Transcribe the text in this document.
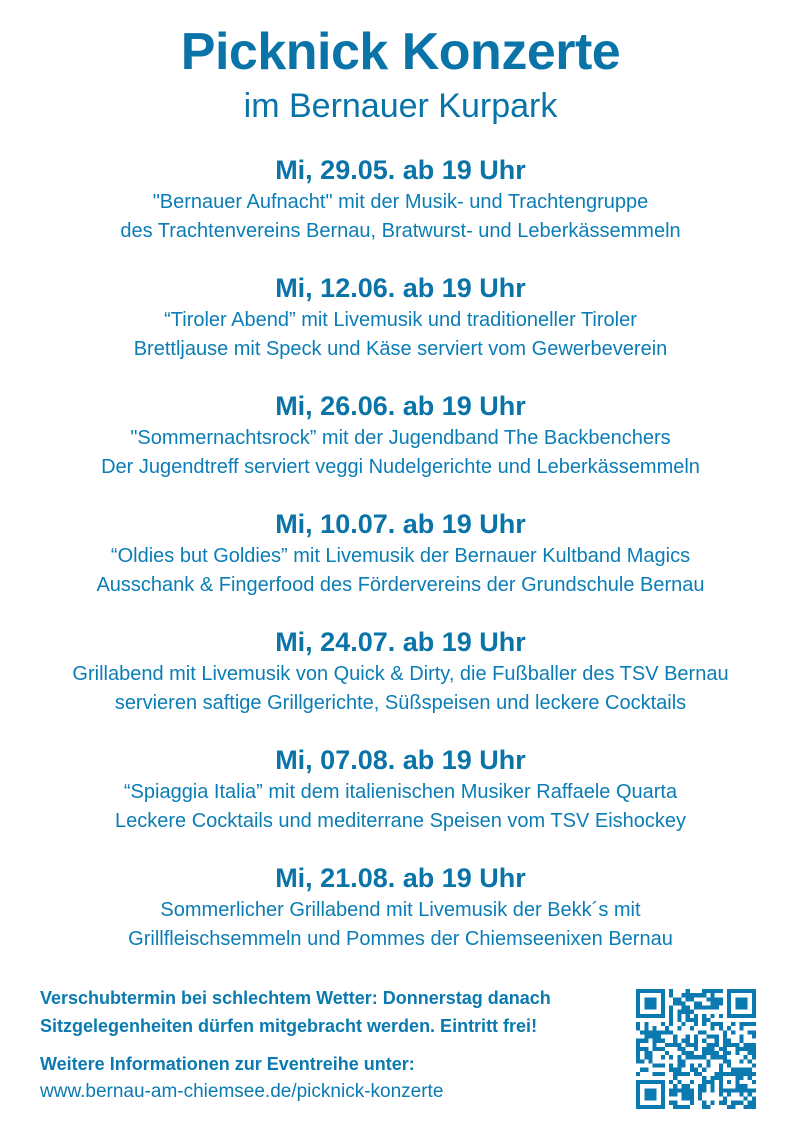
Picknick Konzerte
im Bernauer Kurpark
Mi, 29.05. ab 19 Uhr
"Bernauer Aufnacht" mit der Musik- und Trachtengruppe
des Trachtenvereins Bernau, Bratwurst- und Leberkässemmeln
Mi, 12.06. ab 19 Uhr
“Tiroler Abend” mit Livemusik und traditioneller Tiroler
Brettljause mit Speck und Käse serviert vom Gewerbeverein
Mi, 26.06. ab 19 Uhr
"Sommernachtsrock” mit der Jugendband The Backbenchers
Der Jugendtreff serviert veggi Nudelgerichte und Leberkässemmeln
Mi, 10.07. ab 19 Uhr
“Oldies but Goldies” mit Livemusik der Bernauer Kultband Magics
Ausschank & Fingerfood des Fördervereins der Grundschule Bernau
Mi, 24.07. ab 19 Uhr
Grillabend mit Livemusik von Quick & Dirty, die Fußballer des TSV Bernau
servieren saftige Grillgerichte, Süßspeisen und leckere Cocktails
Mi, 07.08. ab 19 Uhr
“Spiaggia Italia” mit dem italienischen Musiker Raffaele Quarta
Leckere Cocktails und mediterrane Speisen vom TSV Eishockey
Mi, 21.08. ab 19 Uhr
Sommerlicher Grillabend mit Livemusik der Bekk´s mit
Grillfleischsemmeln und Pommes der Chiemseenixen Bernau
Verschubtermin bei schlechtem Wetter: Donnerstag danach
Sitzgelegenheiten dürfen mitgebracht werden. Eintritt frei!
Weitere Informationen zur Eventreihe unter:
www.bernau-am-chiemsee.de/picknick-konzerte
